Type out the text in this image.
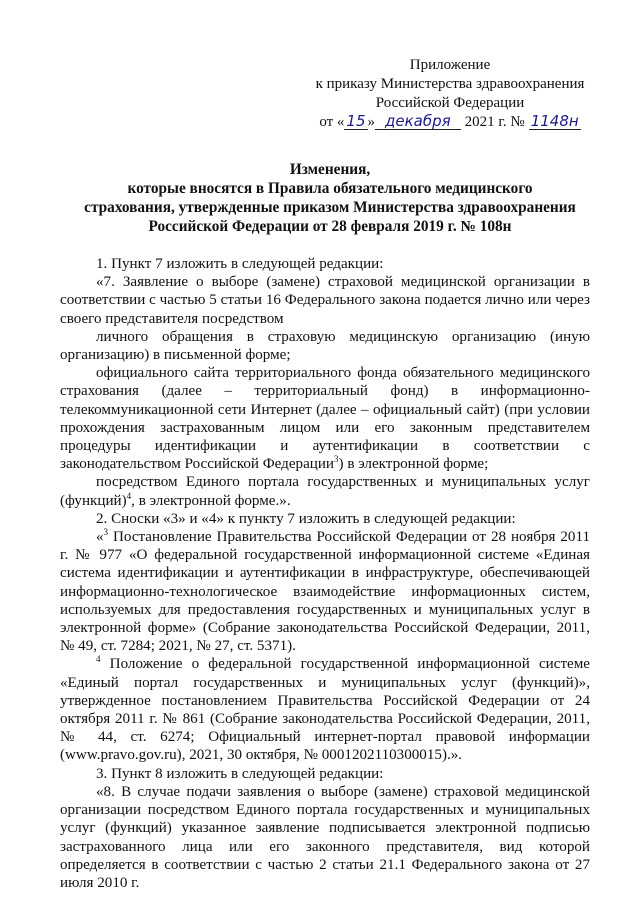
Приложение
к приказу Министерства здравоохранения
Российской Федерации
от « 15 » декабря 2021 г. № 1148н
Изменения,
которые вносятся в Правила обязательного медицинского
страхования, утвержденные приказом Министерства здравоохранения
Российской Федерации от 28 февраля 2019 г. № 108н

1. Пункт 7 изложить в следующей редакции:

«7. Заявление о выборе (замене) страховой медицинской организации в соответствии с частью 5 статьи 16 Федерального закона подается лично или через своего представителя посредством

личного обращения в страховую медицинскую организацию (иную организацию) в письменной форме;

официального сайта территориального фонда обязательного медицинского страхования (далее – территориальный фонд) в информационно-телекоммуникационной сети Интернет (далее – официальный сайт) (при условии прохождения застрахованным лицом или его законным представителем процедуры идентификации и аутентификации в соответствии с законодательством Российской Федерации$^3$) в электронной форме;

посредством Единого портала государственных и муниципальных услуг (функций)$^4$, в электронной форме.».

2. Сноски «3» и «4» к пункту 7 изложить в следующей редакции:

«$^3$ Постановление Правительства Российской Федерации от 28 ноября 2011 г. № 977 «О федеральной государственной информационной системе «Единая система идентификации и аутентификации в инфраструктуре, обеспечивающей информационно-технологическое взаимодействие информационных систем, используемых для предоставления государственных и муниципальных услуг в электронной форме» (Собрание законодательства Российской Федерации, 2011, № 49, ст. 7284; 2021, № 27, ст. 5371).

$^4$ Положение о федеральной государственной информационной системе «Единый портал государственных и муниципальных услуг (функций)», утвержденное постановлением Правительства Российской Федерации от 24 октября 2011 г. № 861 (Собрание законодательства Российской Федерации, 2011, № 44, ст. 6274; Официальный интернет-портал правовой информации (www.pravo.gov.ru), 2021, 30 октября, № 0001202110300015).».

3. Пункт 8 изложить в следующей редакции:

«8. В случае подачи заявления о выборе (замене) страховой медицинской организации посредством Единого портала государственных и муниципальных услуг (функций) указанное заявление подписывается электронной подписью застрахованного лица или его законного представителя, вид которой определяется в соответствии с частью 2 статьи 21.1 Федерального закона от 27 июля 2010 г.
